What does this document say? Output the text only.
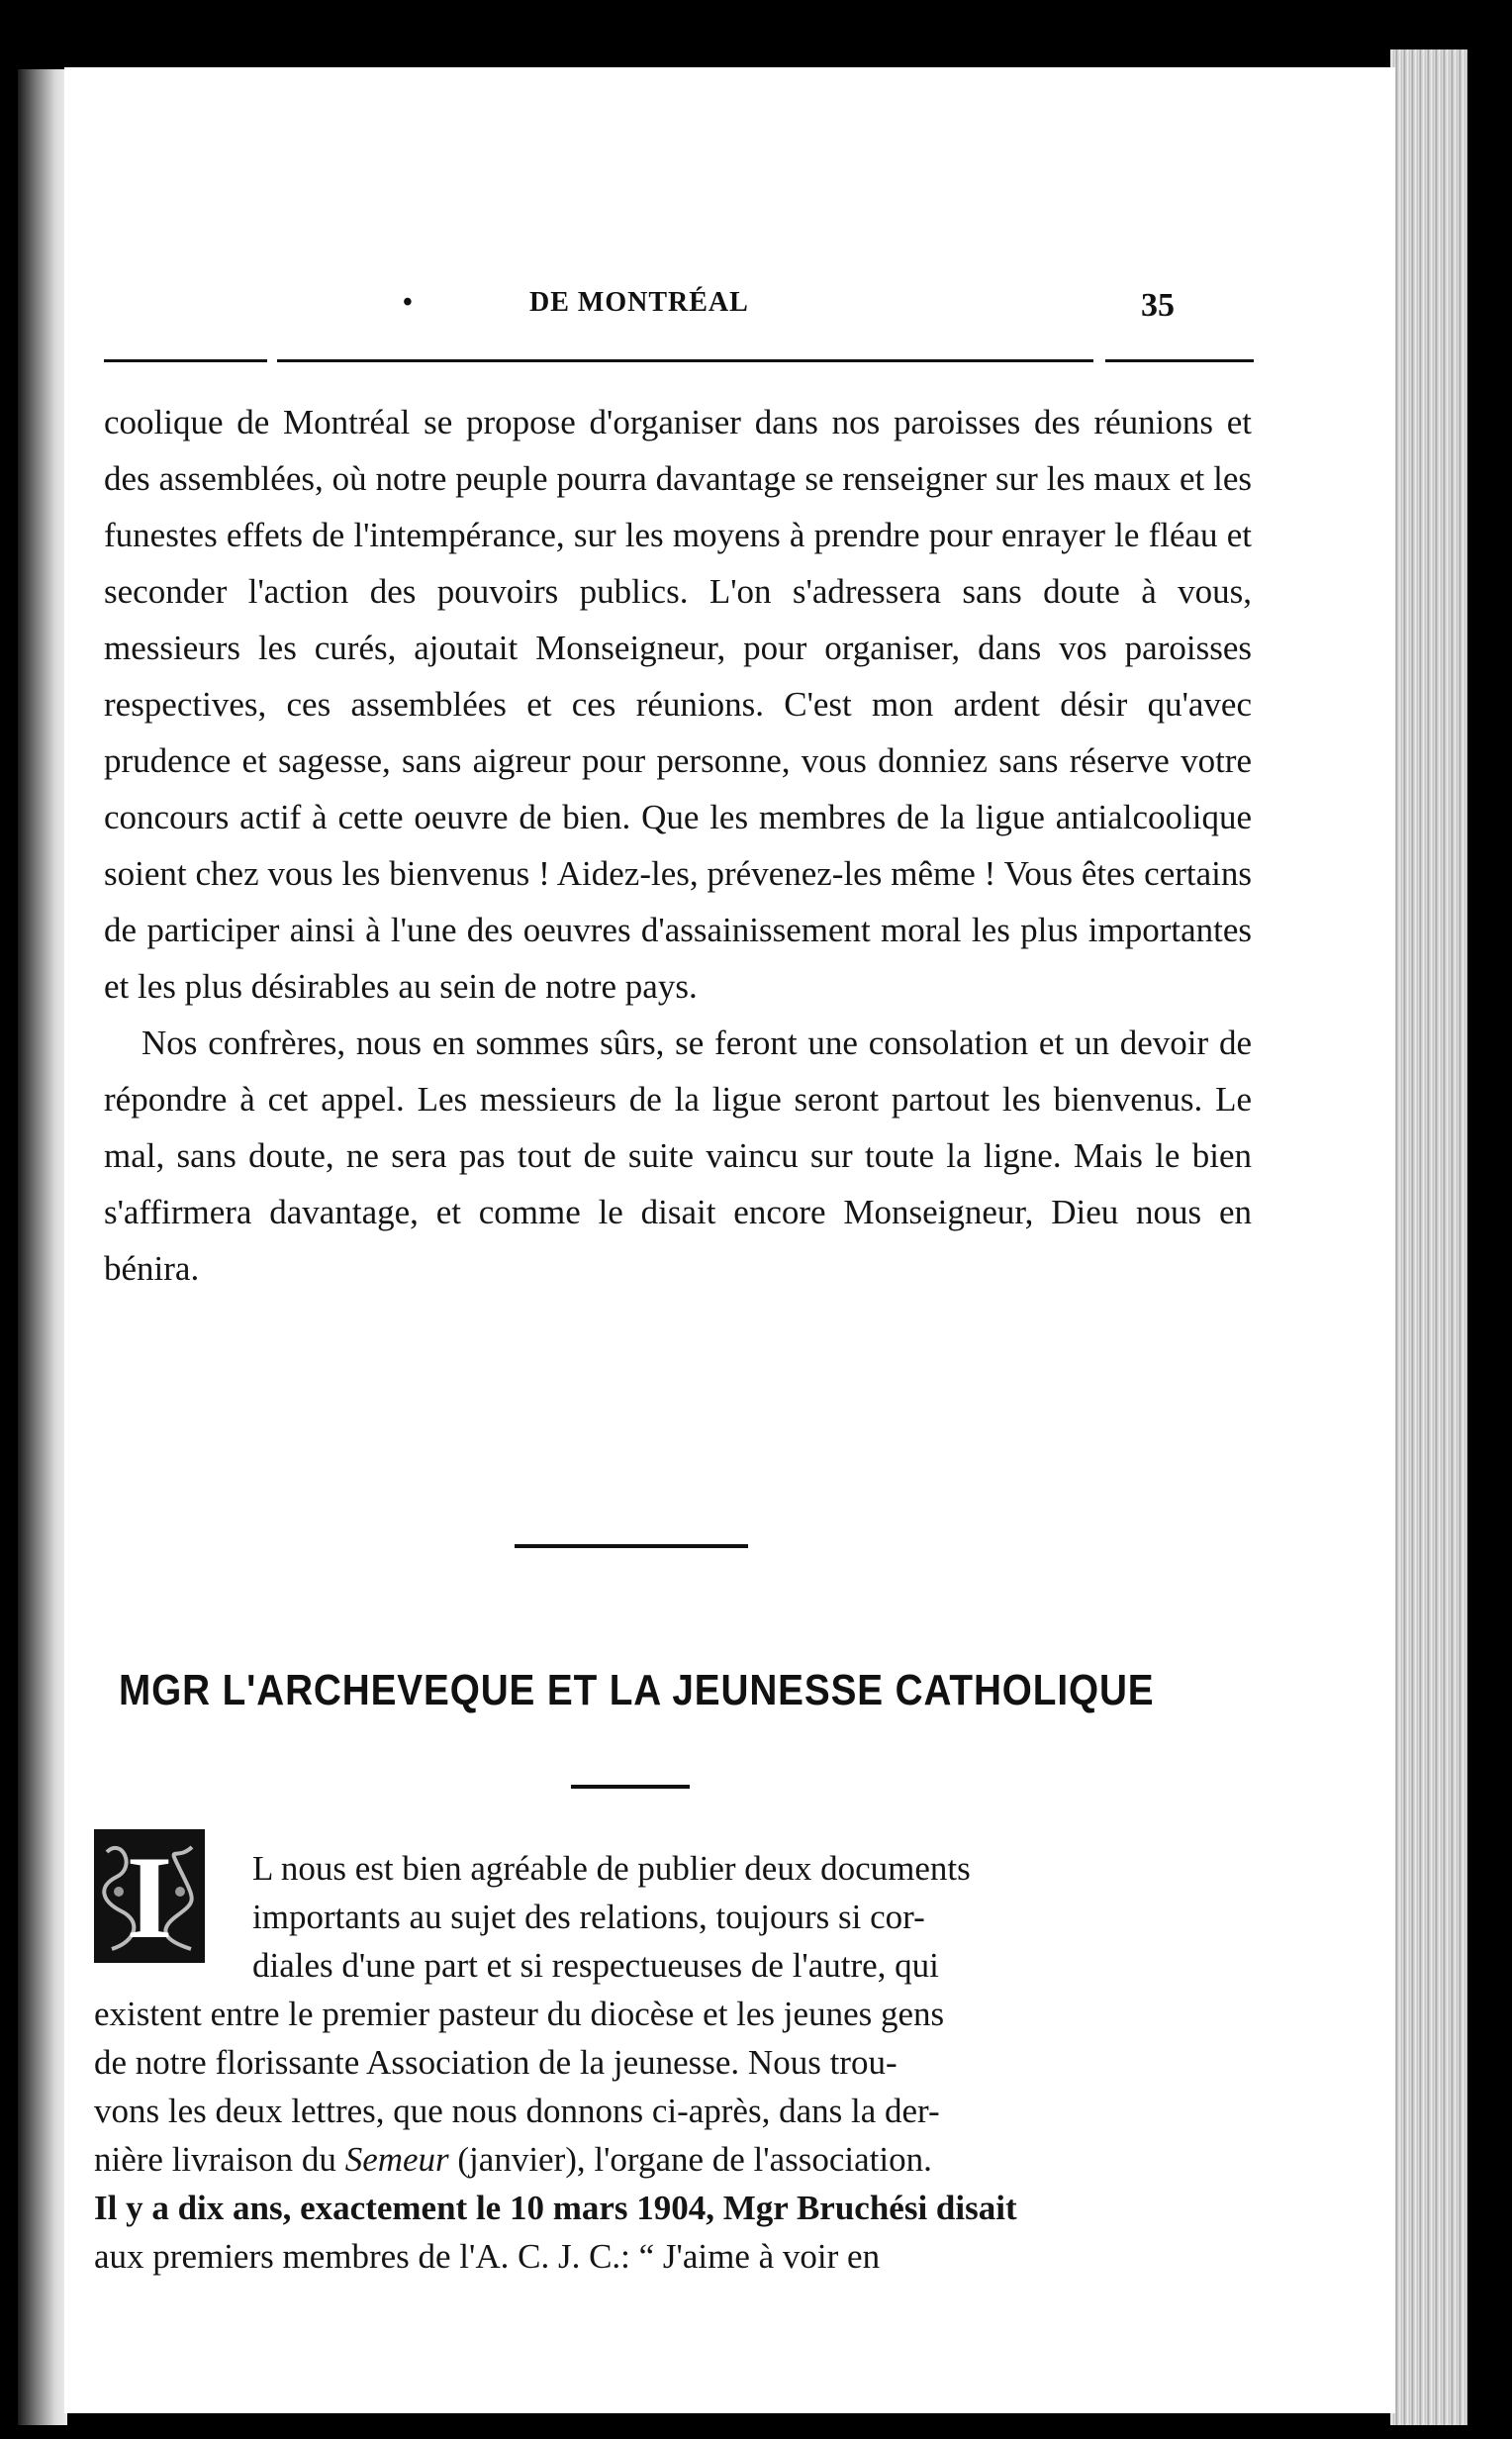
•	DE MONTRÉAL	35

coolique de Montréal se propose d'organiser dans nos paroisses des réunions et des assemblées, où notre peuple pourra davantage se renseigner sur les maux et les funestes effets de l'intempérance, sur les moyens à prendre pour enrayer le fléau et seconder l'action des pouvoirs publics. L'on s'adressera sans doute à vous, messieurs les curés, ajoutait Monseigneur, pour organiser, dans vos paroisses respectives, ces assemblées et ces réunions. C'est mon ardent désir qu'avec prudence et sagesse, sans aigreur pour personne, vous donniez sans réserve votre concours actif à cette oeuvre de bien. Que les membres de la ligue antialcoolique soient chez vous les bienvenus ! Aidez-les, prévenez-les même ! Vous êtes certains de participer ainsi à l'une des oeuvres d'assainissement moral les plus importantes et les plus désirables au sein de notre pays.

Nos confrères, nous en sommes sûrs, se feront une consolation et un devoir de répondre à cet appel. Les messieurs de la ligue seront partout les bienvenus. Le mal, sans doute, ne sera pas tout de suite vaincu sur toute la ligne. Mais le bien s'affirmera davantage, et comme le disait encore Monseigneur, Dieu nous en bénira.

MGR L'ARCHEVEQUE ET LA JEUNESSE CATHOLIQUE
I	L nous est bien agréable de publier deux documents
importants au sujet des relations, toujours si cor-
diales d'une part et si respectueuses de l'autre, qui
existent entre le premier pasteur du diocèse et les jeunes gens
de notre florissante Association de la jeunesse. Nous trou-
vons les deux lettres, que nous donnons ci-après, dans la der-
nière livraison du Semeur (janvier), l'organe de l'association.
Il y a dix ans, exactement le 10 mars 1904, Mgr Bruchési disait
aux premiers membres de l'A. C. J. C.: “ J'aime à voir en
